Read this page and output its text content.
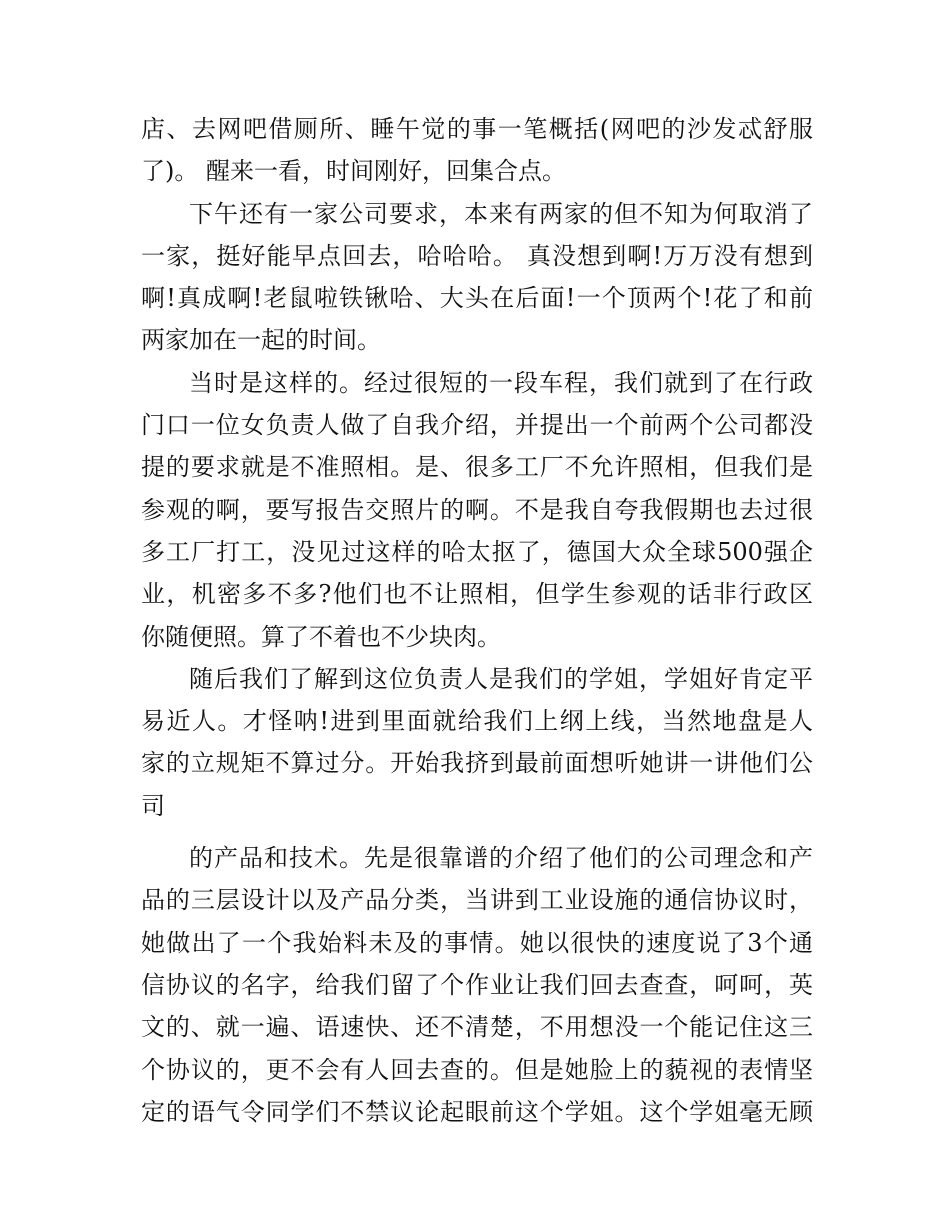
店、去网吧借厕所、睡午觉的事一笔概括(网吧的沙发忒舒服
了)。 醒来一看，时间刚好，回集合点。
下午还有一家公司要求，本来有两家的但不知为何取消了
一家，挺好能早点回去，哈哈哈。 真没想到啊!万万没有想到
啊!真成啊!老鼠啦铁锹哈、大头在后面!一个顶两个!花了和前
两家加在一起的时间。
当时是这样的。经过很短的一段车程，我们就到了在行政
门口一位女负责人做了自我介绍，并提出一个前两个公司都没
提的要求就是不准照相。是、很多工厂不允许照相，但我们是
参观的啊，要写报告交照片的啊。不是我自夸我假期也去过很
多工厂打工，没见过这样的哈太抠了，德国大众全球500强企
业，机密多不多?他们也不让照相，但学生参观的话非行政区
你随便照。算了不着也不少块肉。
随后我们了解到这位负责人是我们的学姐，学姐好肯定平
易近人。才怪呐!进到里面就给我们上纲上线，当然地盘是人
家的立规矩不算过分。开始我挤到最前面想听她讲一讲他们公
司
的产品和技术。先是很靠谱的介绍了他们的公司理念和产
品的三层设计以及产品分类，当讲到工业设施的通信协议时，
她做出了一个我始料未及的事情。她以很快的速度说了3个通
信协议的名字，给我们留了个作业让我们回去查查，呵呵，英
文的、就一遍、语速快、还不清楚，不用想没一个能记住这三
个协议的，更不会有人回去查的。但是她脸上的藐视的表情坚
定的语气令同学们不禁议论起眼前这个学姐。这个学姐毫无顾
